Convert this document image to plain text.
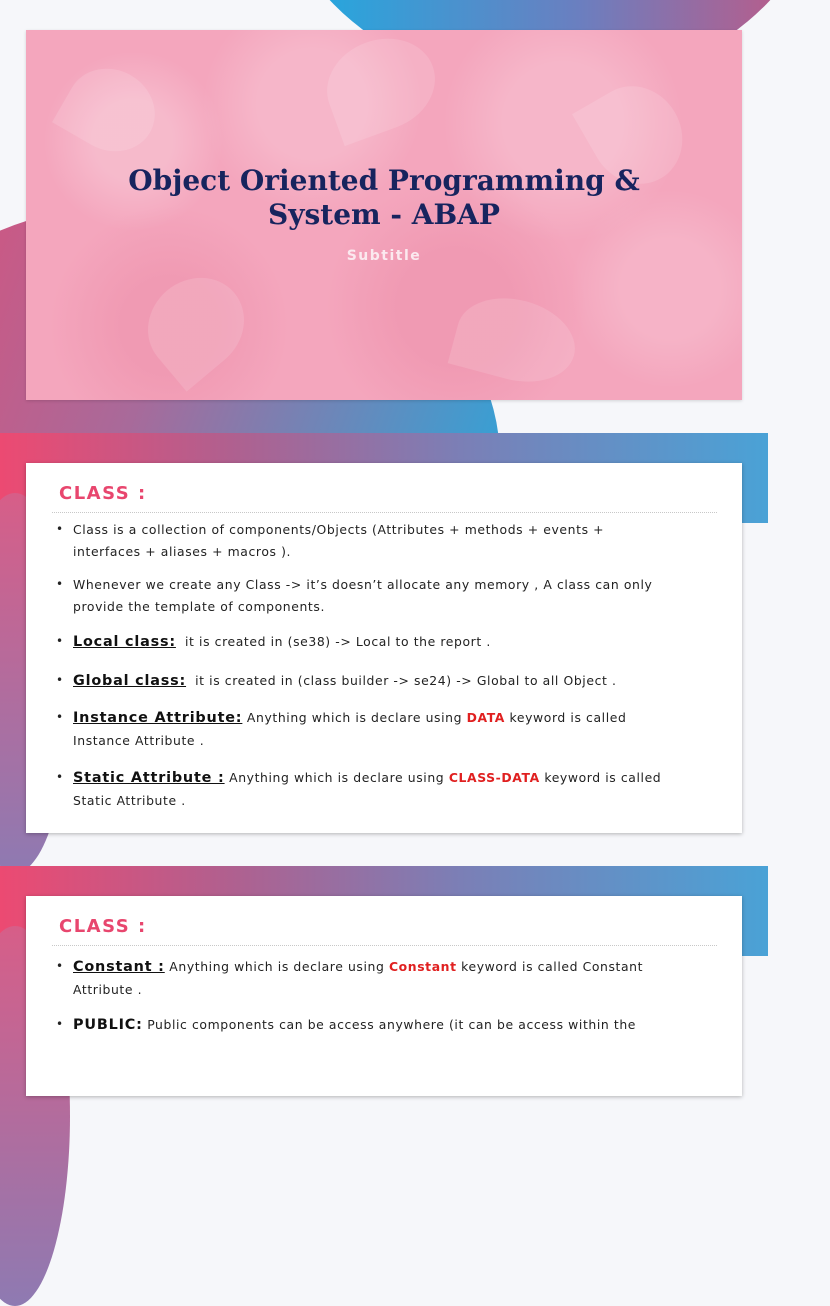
Object Oriented Programming &
System - ABAP
Subtitle
CLASS :
• Class is a collection of components/Objects (Attributes + methods + events +
interfaces + aliases + macros ).
• Whenever we create any Class -> it’s doesn’t allocate any memory , A class can only
provide the template of components.
• Local class:  it is created in (se38) -> Local to the report .
• Global class:  it is created in (class builder -> se24) -> Global to all Object .
• Instance Attribute: Anything which is declare using DATA keyword is called
Instance Attribute .
• Static Attribute : Anything which is declare using CLASS-DATA keyword is called
Static Attribute .
CLASS :
• Constant : Anything which is declare using Constant keyword is called Constant
Attribute .
• PUBLIC: Public components can be access anywhere (it can be access within the
